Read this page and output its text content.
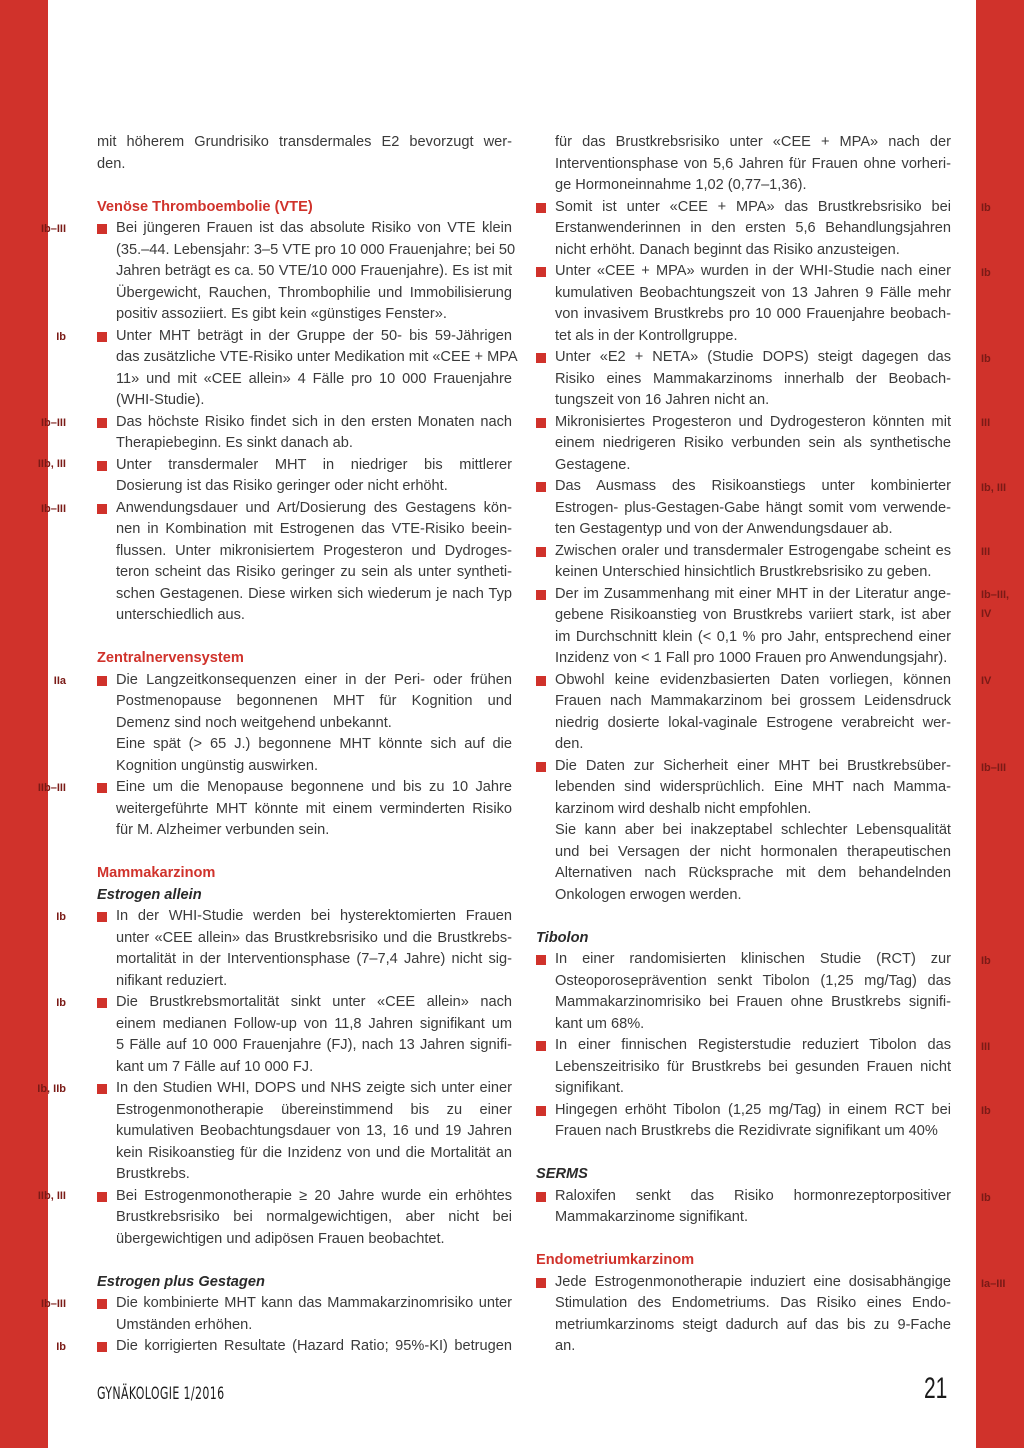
mit höherem Grundrisiko transdermales E2 bevorzugt wer-
den.
Venöse Thromboembolie (VTE)
Bei jüngeren Frauen ist das absolute Risiko von VTE klein
(35.–44. Lebensjahr: 3–5 VTE pro 10 000 Frauenjahre; bei 50
Jahren beträgt es ca. 50 VTE/10 000 Frauenjahre). Es ist mit
Übergewicht, Rauchen, Thrombophilie und Immobilisierung
positiv assoziiert. Es gibt kein «günstiges Fenster».
Unter MHT beträgt in der Gruppe der 50- bis 59-Jährigen
das zusätzliche VTE-Risiko unter Medikation mit «CEE + MPA
11» und mit «CEE allein» 4 Fälle pro 10 000 Frauenjahre
(WHI-Studie).
Das höchste Risiko findet sich in den ersten Monaten nach
Therapiebeginn. Es sinkt danach ab.
Unter transdermaler MHT in niedriger bis mittlerer
Dosierung ist das Risiko geringer oder nicht erhöht.
Anwendungsdauer und Art/Dosierung des Gestagens kön-
nen in Kombination mit Estrogenen das VTE-Risiko beein-
flussen. Unter mikronisiertem Progesteron und Dydroges-
teron scheint das Risiko geringer zu sein als unter syntheti-
schen Gestagenen. Diese wirken sich wiederum je nach Typ
unterschiedlich aus.
Zentralnervensystem
Die Langzeitkonsequenzen einer in der Peri- oder frühen
Postmenopause begonnenen MHT für Kognition und
Demenz sind noch weitgehend unbekannt.
Eine spät (> 65 J.) begonnene MHT könnte sich auf die
Kognition ungünstig auswirken.
Eine um die Menopause begonnene und bis zu 10 Jahre
weitergeführte MHT könnte mit einem verminderten Risiko
für M. Alzheimer verbunden sein.
Mammakarzinom
Estrogen allein
In der WHI-Studie werden bei hysterektomierten Frauen
unter «CEE allein» das Brustkrebsrisiko und die Brustkrebs-
mortalität in der Interventionsphase (7–7,4 Jahre) nicht sig-
nifikant reduziert.
Die Brustkrebsmortalität sinkt unter «CEE allein» nach
einem medianen Follow-up von 11,8 Jahren signifikant um
5 Fälle auf 10 000 Frauenjahre (FJ), nach 13 Jahren signifi-
kant um 7 Fälle auf 10 000 FJ.
In den Studien WHI, DOPS und NHS zeigte sich unter einer
Estrogenmonotherapie übereinstimmend bis zu einer
kumulativen Beobachtungsdauer von 13, 16 und 19 Jahren
kein Risikoanstieg für die Inzidenz von und die Mortalität an
Brustkrebs.
Bei Estrogenmonotherapie ≥ 20 Jahre wurde ein erhöhtes
Brustkrebsrisiko bei normalgewichtigen, aber nicht bei
übergewichtigen und adipösen Frauen beobachtet.
Estrogen plus Gestagen
Die kombinierte MHT kann das Mammakarzinomrisiko unter
Umständen erhöhen.
Die korrigierten Resultate (Hazard Ratio; 95%-KI) betrugen
für das Brustkrebsrisiko unter «CEE + MPA» nach der
Interventionsphase von 5,6 Jahren für Frauen ohne vorheri-
ge Hormoneinnahme 1,02 (0,77–1,36).
Somit ist unter «CEE + MPA» das Brustkrebsrisiko bei
Erstanwenderinnen in den ersten 5,6 Behandlungsjahren
nicht erhöht. Danach beginnt das Risiko anzusteigen.
Unter «CEE + MPA» wurden in der WHI-Studie nach einer
kumulativen Beobachtungszeit von 13 Jahren 9 Fälle mehr
von invasivem Brustkrebs pro 10 000 Frauenjahre beobach-
tet als in der Kontrollgruppe.
Unter «E2 + NETA» (Studie DOPS) steigt dagegen das
Risiko eines Mammakarzinoms innerhalb der Beobach-
tungszeit von 16 Jahren nicht an.
Mikronisiertes Progesteron und Dydrogesteron könnten mit
einem niedrigeren Risiko verbunden sein als synthetische
Gestagene.
Das Ausmass des Risikoanstiegs unter kombinierter
Estrogen- plus-Gestagen-Gabe hängt somit vom verwende-
ten Gestagentyp und von der Anwendungsdauer ab.
Zwischen oraler und transdermaler Estrogengabe scheint es
keinen Unterschied hinsichtlich Brustkrebsrisiko zu geben.
Der im Zusammenhang mit einer MHT in der Literatur ange-
gebene Risikoanstieg von Brustkrebs variiert stark, ist aber
im Durchschnitt klein (< 0,1 % pro Jahr, entsprechend einer
Inzidenz von < 1 Fall pro 1000 Frauen pro Anwendungsjahr).
Obwohl keine evidenzbasierten Daten vorliegen, können
Frauen nach Mammakarzinom bei grossem Leidensdruck
niedrig dosierte lokal-vaginale Estrogene verabreicht wer-
den.
Die Daten zur Sicherheit einer MHT bei Brustkrebsüber-
lebenden sind widersprüchlich. Eine MHT nach Mamma-
karzinom wird deshalb nicht empfohlen.
Sie kann aber bei inakzeptabel schlechter Lebensqualität
und bei Versagen der nicht hormonalen therapeutischen
Alternativen nach Rücksprache mit dem behandelnden
Onkologen erwogen werden.
Tibolon
In einer randomisierten klinischen Studie (RCT) zur
Osteoporoseprävention senkt Tibolon (1,25 mg/Tag) das
Mammakarzinomrisiko bei Frauen ohne Brustkrebs signifi-
kant um 68%.
In einer finnischen Registerstudie reduziert Tibolon das
Lebenszeitrisiko für Brustkrebs bei gesunden Frauen nicht
signifikant.
Hingegen erhöht Tibolon (1,25 mg/Tag) in einem RCT bei
Frauen nach Brustkrebs die Rezidivrate signifikant um 40%
SERMS
Raloxifen senkt das Risiko hormonrezeptorpositiver
Mammakarzinome signifikant.
Endometriumkarzinom
Jede Estrogenmonotherapie induziert eine dosisabhängige
Stimulation des Endometriums. Das Risiko eines Endo-
metriumkarzinoms steigt dadurch auf das bis zu 9-Fache
an.
Ib–III
Ib
Ib–III
IIb, III
Ib–III
IIa
IIb–III
Ib
Ib
Ib, IIb
IIb, III
Ib–III
Ib
Ib
Ib
Ib
III
Ib, III
III
Ib–III,
IV
IV
Ib–III
Ib
III
Ib
Ib
Ia–III
GYNÄKOLOGIE 1/2016	21
